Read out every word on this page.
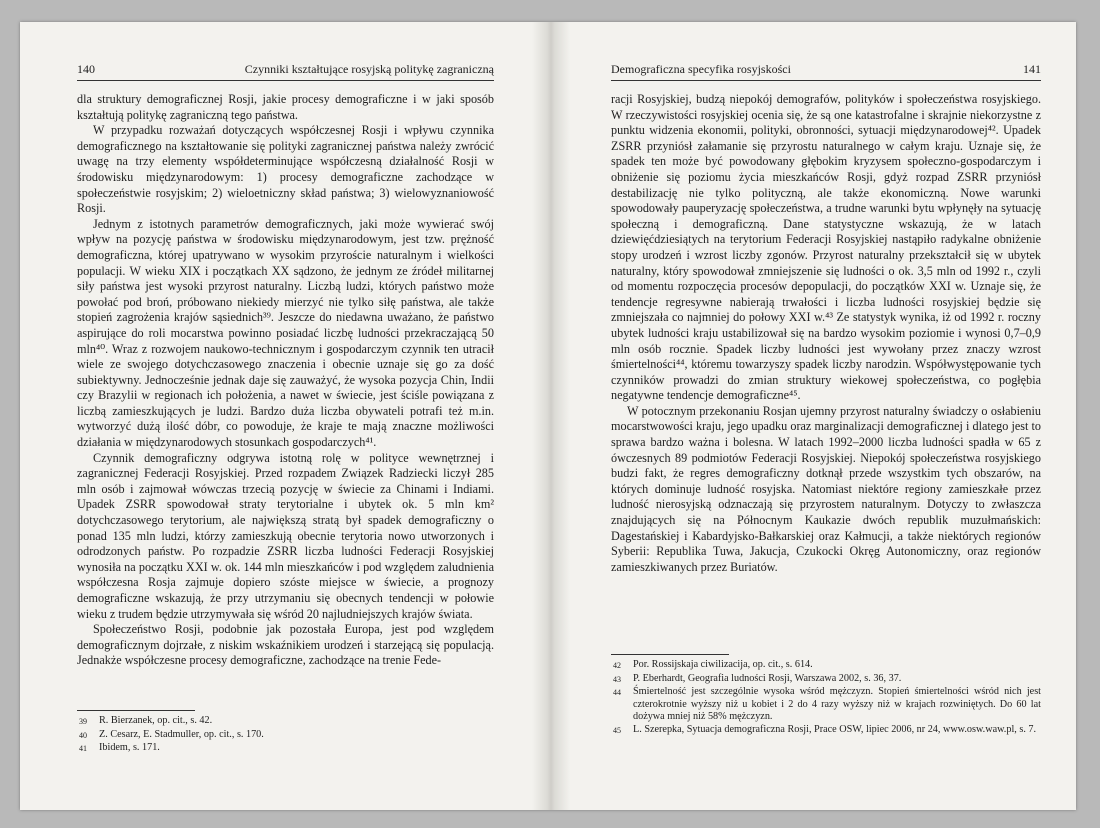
140	Czynniki kształtujące rosyjską politykę zagraniczną

dla struktury demograficznej Rosji, jakie procesy demograficzne i w jaki sposób kształtują politykę zagraniczną tego państwa.

W przypadku rozważań dotyczących współczesnej Rosji i wpływu czynnika demograficznego na kształtowanie się polityki zagranicznej państwa należy zwrócić uwagę na trzy elementy współdeterminujące współczesną działalność Rosji w środowisku międzynarodowym: 1) procesy demograficzne zachodzące w społeczeństwie rosyjskim; 2) wieloetniczny skład państwa; 3) wielowyznaniowość Rosji.

Jednym z istotnych parametrów demograficznych, jaki może wywierać swój wpływ na pozycję państwa w środowisku międzynarodowym, jest tzw. prężność demograficzna, której upatrywano w wysokim przyroście naturalnym i wielkości populacji. W wieku XIX i początkach XX sądzono, że jednym ze źródeł militarnej siły państwa jest wysoki przyrost naturalny. Liczbą ludzi, których państwo może powołać pod broń, próbowano niekiedy mierzyć nie tylko siłę państwa, ale także stopień zagrożenia krajów sąsiednich³⁹. Jeszcze do niedawna uważano, że państwo aspirujące do roli mocarstwa powinno posiadać liczbę ludności przekraczającą 50 mln⁴⁰. Wraz z rozwojem naukowo-technicznym i gospodarczym czynnik ten utracił wiele ze swojego dotychczasowego znaczenia i obecnie uznaje się go za dość subiektywny. Jednocześnie jednak daje się zauważyć, że wysoka pozycja Chin, Indii czy Brazylii w regionach ich położenia, a nawet w świecie, jest ściśle powiązana z liczbą zamieszkujących je ludzi. Bardzo duża liczba obywateli potrafi też m.in. wytworzyć dużą ilość dóbr, co powoduje, że kraje te mają znaczne możliwości działania w międzynarodowych stosunkach gospodarczych⁴¹.

Czynnik demograficzny odgrywa istotną rolę w polityce wewnętrznej i zagranicznej Federacji Rosyjskiej. Przed rozpadem Związek Radziecki liczył 285 mln osób i zajmował wówczas trzecią pozycję w świecie za Chinami i Indiami. Upadek ZSRR spowodował straty terytorialne i ubytek ok. 5 mln km² dotychczasowego terytorium, ale największą stratą był spadek demograficzny o ponad 135 mln ludzi, którzy zamieszkują obecnie terytoria nowo utworzonych i odrodzonych państw. Po rozpadzie ZSRR liczba ludności Federacji Rosyjskiej wynosiła na początku XXI w. ok. 144 mln mieszkańców i pod względem zaludnienia współczesna Rosja zajmuje dopiero szóste miejsce w świecie, a prognozy demograficzne wskazują, że przy utrzymaniu się obecnych tendencji w połowie wieku z trudem będzie utrzymywała się wśród 20 najludniejszych krajów świata.

Społeczeństwo Rosji, podobnie jak pozostała Europa, jest pod względem demograficznym dojrzałe, z niskim wskaźnikiem urodzeń i starzejącą się populacją. Jednakże współczesne procesy demograficzne, zachodzące na trenie Fede-

39	R. Bierzanek, op. cit., s. 42.
40	Z. Cesarz, E. Stadmuller, op. cit., s. 170.
41	Ibidem, s. 171.
Demograficzna specyfika rosyjskości	141

racji Rosyjskiej, budzą niepokój demografów, polityków i społeczeństwa rosyjskiego. W rzeczywistości rosyjskiej ocenia się, że są one katastrofalne i skrajnie niekorzystne z punktu widzenia ekonomii, polityki, obronności, sytuacji międzynarodowej⁴². Upadek ZSRR przyniósł załamanie się przyrostu naturalnego w całym kraju. Uznaje się, że spadek ten może być powodowany głębokim kryzysem społeczno-gospodarczym i obniżenie się poziomu życia mieszkańców Rosji, gdyż rozpad ZSRR przyniósł destabilizację nie tylko polityczną, ale także ekonomiczną. Nowe warunki spowodowały pauperyzację społeczeństwa, a trudne warunki bytu wpłynęły na sytuację społeczną i demograficzną. Dane statystyczne wskazują, że w latach dziewięćdziesiątych na terytorium Federacji Rosyjskiej nastąpiło radykalne obniżenie stopy urodzeń i wzrost liczby zgonów. Przyrost naturalny przekształcił się w ubytek naturalny, który spowodował zmniejszenie się ludności o ok. 3,5 mln od 1992 r., czyli od momentu rozpoczęcia procesów depopulacji, do początków XXI w. Uznaje się, że tendencje regresywne nabierają trwałości i liczba ludności rosyjskiej będzie się zmniejszała co najmniej do połowy XXI w.⁴³ Ze statystyk wynika, iż od 1992 r. roczny ubytek ludności kraju ustabilizował się na bardzo wysokim poziomie i wynosi 0,7–0,9 mln osób rocznie. Spadek liczby ludności jest wywołany przez znaczy wzrost śmiertelności⁴⁴, któremu towarzyszy spadek liczby narodzin. Współwystępowanie tych czynników prowadzi do zmian struktury wiekowej społeczeństwa, co pogłębia negatywne tendencje demograficzne⁴⁵.

W potocznym przekonaniu Rosjan ujemny przyrost naturalny świadczy o osłabieniu mocarstwowości kraju, jego upadku oraz marginalizacji demograficznej i dlatego jest to sprawa bardzo ważna i bolesna. W latach 1992–2000 liczba ludności spadła w 65 z ówczesnych 89 podmiotów Federacji Rosyjskiej. Niepokój społeczeństwa rosyjskiego budzi fakt, że regres demograficzny dotknął przede wszystkim tych obszarów, na których dominuje ludność rosyjska. Natomiast niektóre regiony zamieszkałe przez ludność nierosyjską odznaczają się przyrostem naturalnym. Dotyczy to zwłaszcza znajdujących się na Północnym Kaukazie dwóch republik muzułmańskich: Dagestańskiej i Kabardyjsko-Bałkarskiej oraz Kałmucji, a także niektórych regionów Syberii: Republika Tuwa, Jakucja, Czukocki Okręg Autonomiczny, oraz regionów zamieszkiwanych przez Buriatów.

42	Por. Rossijskaja ciwilizacija, op. cit., s. 614.
43	P. Eberhardt, Geografia ludności Rosji, Warszawa 2002, s. 36, 37.
44	Śmiertelność jest szczególnie wysoka wśród mężczyzn. Stopień śmiertelności wśród nich jest czterokrotnie wyższy niż u kobiet i 2 do 4 razy wyższy niż w krajach rozwiniętych. Do 60 lat dożywa mniej niż 58% mężczyzn.
45	L. Szerepka, Sytuacja demograficzna Rosji, Prace OSW, lipiec 2006, nr 24, www.osw.waw.pl, s. 7.
